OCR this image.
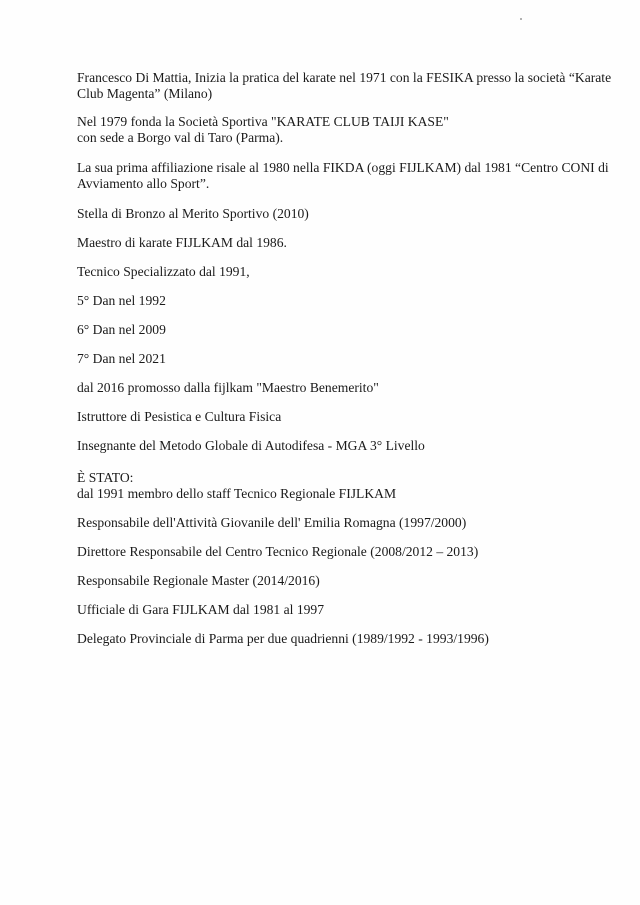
Francesco Di Mattia, Inizia la pratica del karate nel 1971 con la FESIKA presso la società “Karate
Club Magenta” (Milano)

Nel 1979 fonda la Società Sportiva "KARATE CLUB TAIJI KASE"
con sede a Borgo val di Taro (Parma).

La sua prima affiliazione risale al 1980 nella FIKDA (oggi FIJLKAM) dal 1981 “Centro CONI di
Avviamento allo Sport”.

Stella di Bronzo al Merito Sportivo (2010)

Maestro di karate FIJLKAM dal 1986.

Tecnico Specializzato dal 1991,

5° Dan nel 1992

6° Dan nel 2009

7° Dan nel 2021

dal 2016 promosso dalla fijlkam "Maestro Benemerito"

Istruttore di Pesistica e Cultura Fisica

Insegnante del Metodo Globale di Autodifesa - MGA 3° Livello

È STATO:
dal 1991 membro dello staff Tecnico Regionale FIJLKAM

Responsabile dell'Attività Giovanile dell' Emilia Romagna (1997/2000)

Direttore Responsabile del Centro Tecnico Regionale (2008/2012 – 2013)

Responsabile Regionale Master (2014/2016)

Ufficiale di Gara FIJLKAM dal 1981 al 1997

Delegato Provinciale di Parma per due quadrienni (1989/1992 - 1993/1996)
